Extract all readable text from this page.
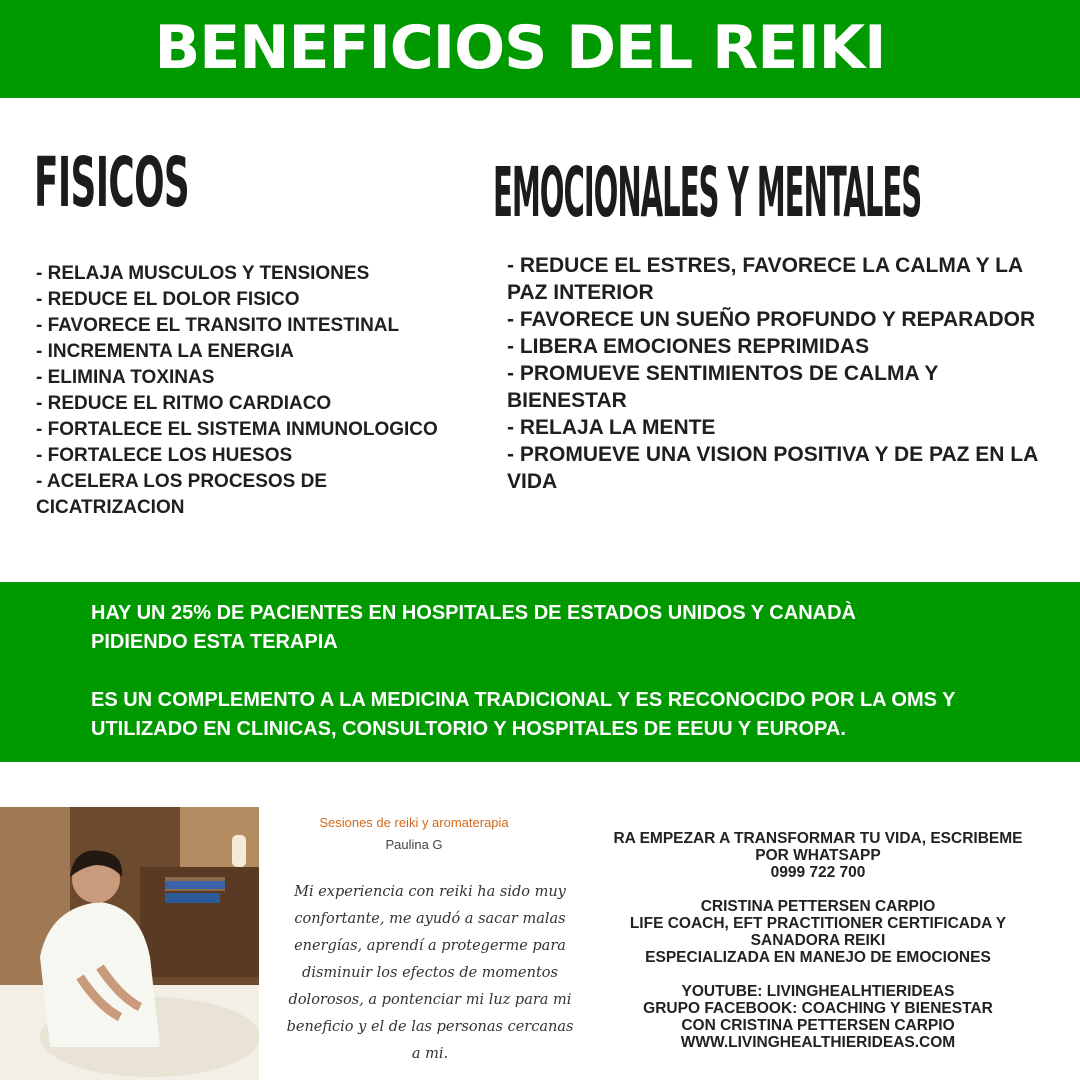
BENEFICIOS DEL REIKI
FISICOS
- RELAJA MUSCULOS Y TENSIONES
- REDUCE EL DOLOR FISICO
- FAVORECE EL TRANSITO INTESTINAL
- INCREMENTA LA ENERGIA
- ELIMINA TOXINAS
- REDUCE EL RITMO CARDIACO
- FORTALECE EL SISTEMA INMUNOLOGICO
- FORTALECE LOS HUESOS
- ACELERA LOS PROCESOS DE CICATRIZACION
EMOCIONALES Y MENTALES
- REDUCE EL ESTRES, FAVORECE LA CALMA Y LA PAZ INTERIOR
- FAVORECE UN SUEÑO PROFUNDO Y REPARADOR
- LIBERA EMOCIONES REPRIMIDAS
- PROMUEVE SENTIMIENTOS DE CALMA Y BIENESTAR
- RELAJA LA MENTE
- PROMUEVE UNA VISION POSITIVA Y DE PAZ EN LA VIDA

HAY UN 25% DE PACIENTES EN HOSPITALES DE ESTADOS UNIDOS Y CANADÀ PIDIENDO ESTA TERAPIA

ES UN COMPLEMENTO A LA MEDICINA TRADICIONAL Y ES RECONOCIDO POR LA OMS Y UTILIZADO EN CLINICAS, CONSULTORIO Y HOSPITALES DE EEUU Y EUROPA.

Sesiones de reiki y aromaterapia

Paulina G

Mi experiencia con reiki ha sido muy confortante, me ayudó a sacar malas energías, aprendí a protegerme para disminuir los efectos de momentos dolorosos, a pontenciar mi luz para mi beneficio y el de las personas cercanas a mi.

RA EMPEZAR A TRANSFORMAR TU VIDA, ESCRIBEME

POR WHATSAPP

0999 722 700

CRISTINA PETTERSEN CARPIO

LIFE COACH, EFT PRACTITIONER CERTIFICADA Y

SANADORA REIKI

ESPECIALIZADA EN MANEJO DE EMOCIONES

YOUTUBE: LIVINGHEALHTIERIDEAS

GRUPO FACEBOOK: COACHING Y BIENESTAR

CON CRISTINA PETTERSEN CARPIO

WWW.LIVINGHEALTHIERIDEAS.COM
